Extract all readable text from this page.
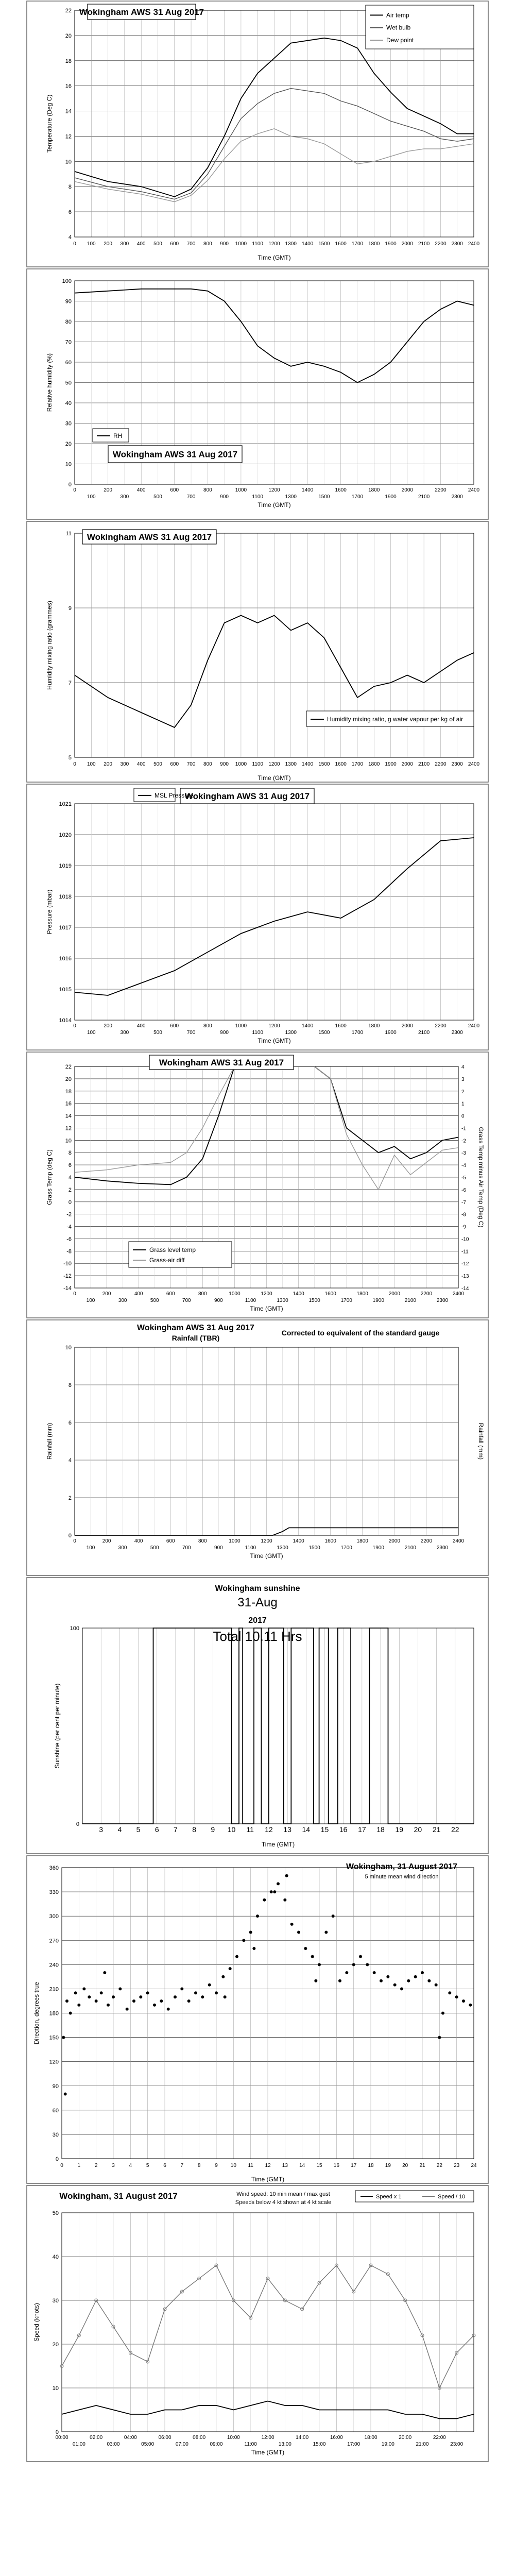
4
6
8
10
12
14
16
18
20
22
0 100 200 300 400 500 600 700 800 900 1000 1100 1200 1300 1400 1500 1600 1700 1800 1900 2000 2100 2200 2300 2400
Time (GMT)
Temperature (Deg C)
Wokingham AWS 31 Aug 2017	Air temp
Wet bulb
Dew point
0
10
20
30
40
50
60
70
80
90
100
0	200	400	600	800	1000	1200	1400	1600	1800	2000	2200	2400
100	300	500	700	900	1100	1300	1500	1700	1900	2100	2300
Time (GMT)
Relative humidity (%)
Wokingham AWS 31 Aug 2017
RH
5
7
9
11
0 100 200 300 400 500 600 700 800 900 1000 1100 1200 1300 1400 1500 1600 1700 1800 1900 2000 2100 2200 2300 2400
Time (GMT)
Humidity mixing ratio (grammes)
Wokingham AWS 31 Aug 2017
Humidity mixing ratio, g water vapour per kg of air
1014
1015
1016
1017
1018
1019
1020
1021
0	200	400	600	800	1000	1200	1400	1600	1800	2000	2200	2400
100	300	500	700	900	1100	1300	1500	1700	1900	2100	2300
Time (GMT)
Pressure (mbar)
Wokingham AWS 31 Aug 2017
MSL Pressure
-14
-12
-10
-8
-6
-4
-2
0
2
4
6
8
10
12
14
16
18
20
22
-14
-13
-12
-11
-10
-9
-8
-7
-6
-5
-4
-3
-2
-1
0
1
2
3
4
0	200	400	600	800	1000	1200	1400	1600	1800	2000	2200	2400
100	300	500	700	900	1100	1300	1500	1700	1900	2100	2300
Time (GMT)
Grass Temp (deg C)	Grass Temp minus Air Temp (Deg C)
Wokingham AWS 31 Aug 2017
Grass level temp
Grass-air diff
0
2
4
6
8
10
0	200	400	600	800	1000	1200	1400	1600	1800	2000	2200	2400
100	300	500	700	900	1100	1300	1500	1700	1900	2100	2300
Time (GMT)
Rainfall (mm)	Rainfall (mm)
Wokingham AWS 31 Aug 2017
Rainfall (TBR)
Corrected to equivalent of the standard gauge
0
100
3 4 5 6 7 8 9 10 11 12 13 14 15 16 17 18 19 20 21 22
Time (GMT)
Sunshine (per cent per minute)
Wokingham sunshine
31-Aug
2017
Total 10.11 Hrs
0
30
60
90
120
150
180
210
240
270
300
330
360
0	1	2	3	4	5	6	7	8	9 10 11 12 13 14 15 16 17 18 19 20 21 22 23 24
Time (GMT)
Direction, degrees true
Wokingham, 31 August 2017
5 minute mean wind direction
0
10
20
30
40
50
00:00	02:00	04:00	06:00	08:00	10:00	12:00	14:00	16:00	18:00	20:00	22:00
01:00	03:00	05:00	07:00	09:00	11:00	13:00	15:00	17:00	19:00	21:00	23:00
Time (GMT)
Speed (knots)
Wokingham, 31 August 2017	Wind speed: 10 min mean / max gust
Speeds below 4 kt shown at 4 kt scale
Speed x 1	Speed / 10
